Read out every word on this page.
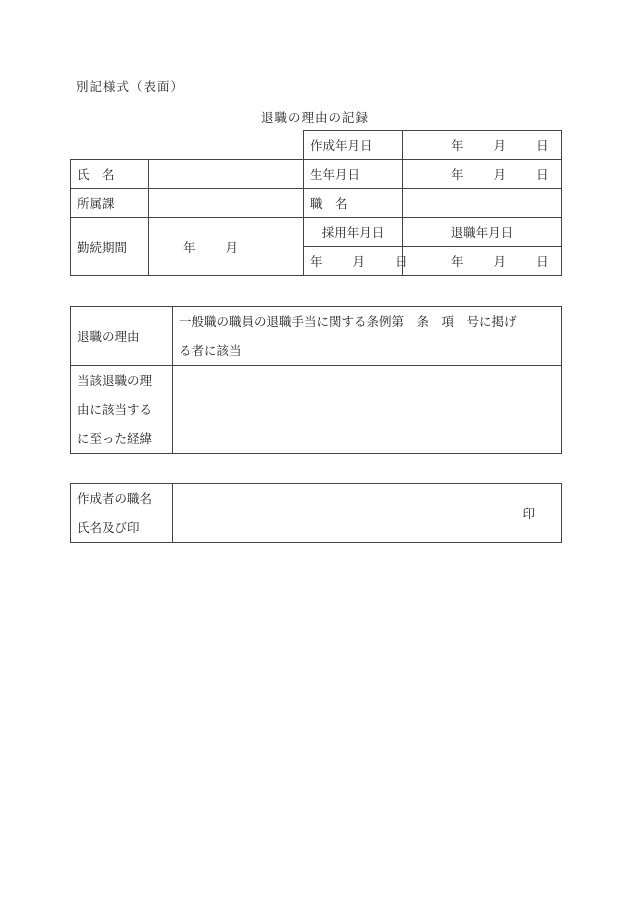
別記様式（表面）
退職の理由の記録
		作成年月日	年 月 日
氏　名		生年月日	年 月 日
所属課		職　名	
勤続期間	年 月	採用年月日	退職年月日
		年 月 日	年 月 日
退職の理由	一般職の職員の退職手当に関する条例第　条　項　号に掲げ
る者に該当

当該退職の理
由に該当する
に至った経緯	

作成者の職名
氏名及び印
	印
